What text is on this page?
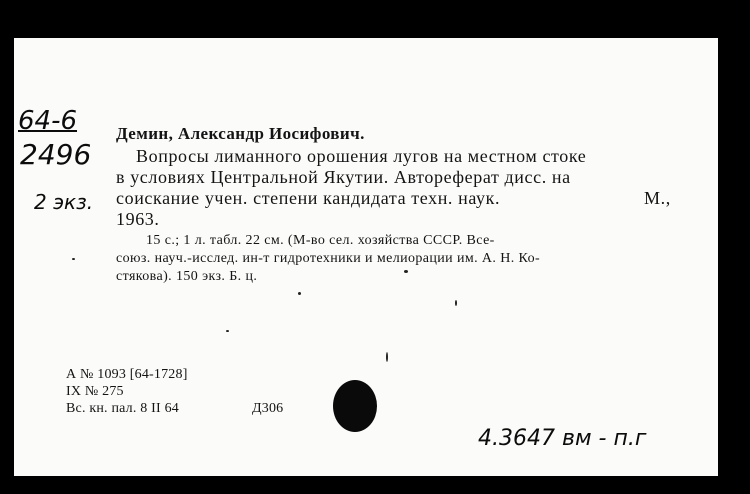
64-6
2496
2 экз.
Демин, Александр Иосифович.
Вопросы лиманного орошения лугов на местном стоке
в условиях Центральной Якутии. Автореферат дисс. на
соискание учен. степени кандидата техн. наук.	М.,
1963.
15 с.; 1 л. табл. 22 см. (М-во сел. хозяйства СССР. Все-
союз. науч.-исслед. ин-т гидротехники и мелиорации им. А. Н. Ко-
стякова). 150 экз. Б. ц.
А № 1093 [64-1728]
IX № 275
Вс. кн. пал. 8 II 64	Д306
4.3647 вм - п.г
